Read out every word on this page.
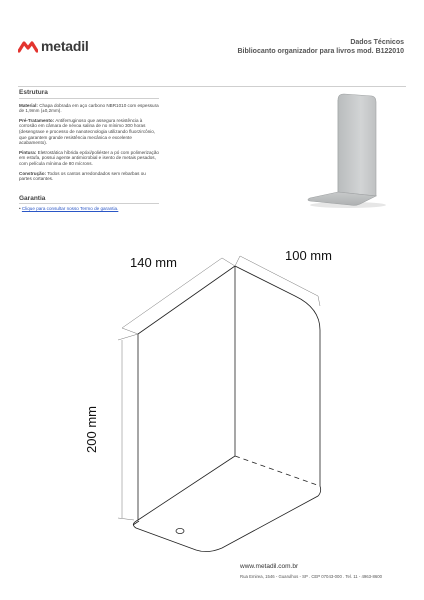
metadil	Dados Técnicos
Bibliocanto organizador para livros mod. B122010
Estrutura

Material: Chapa dobrada em aço carbono NBR1010 com espessura de 1,9mm (±0,2mm).

Pré-Tratamento: Antiferruginoso que assegura resistência à corrosão em câmara de névoa salina de no mínimo 300 horas (desengraxe e processo de nanotecnologia utilizando fluorzircônio, que garantem grande resistência mecânica e excelente acabamento).

Pintura: Eletrostática híbrida epóxi/poliéster a pó com polimerização em estufa, possui agente antimicrobial e isento de metais pesados, com película mínima de 80 mícrons.

Construção: Todos os cantos arredondados sem rebarbas ou partes cortantes.

Garantia
• Clique para consultar nosso Termo de garantia.
140 mm	100 mm
200 mm
www.metadil.com.br
Rua Emirea, 1546 - Guarulhos - SP . CEP 07043-000 . Tel. 11 - 4963-8600
